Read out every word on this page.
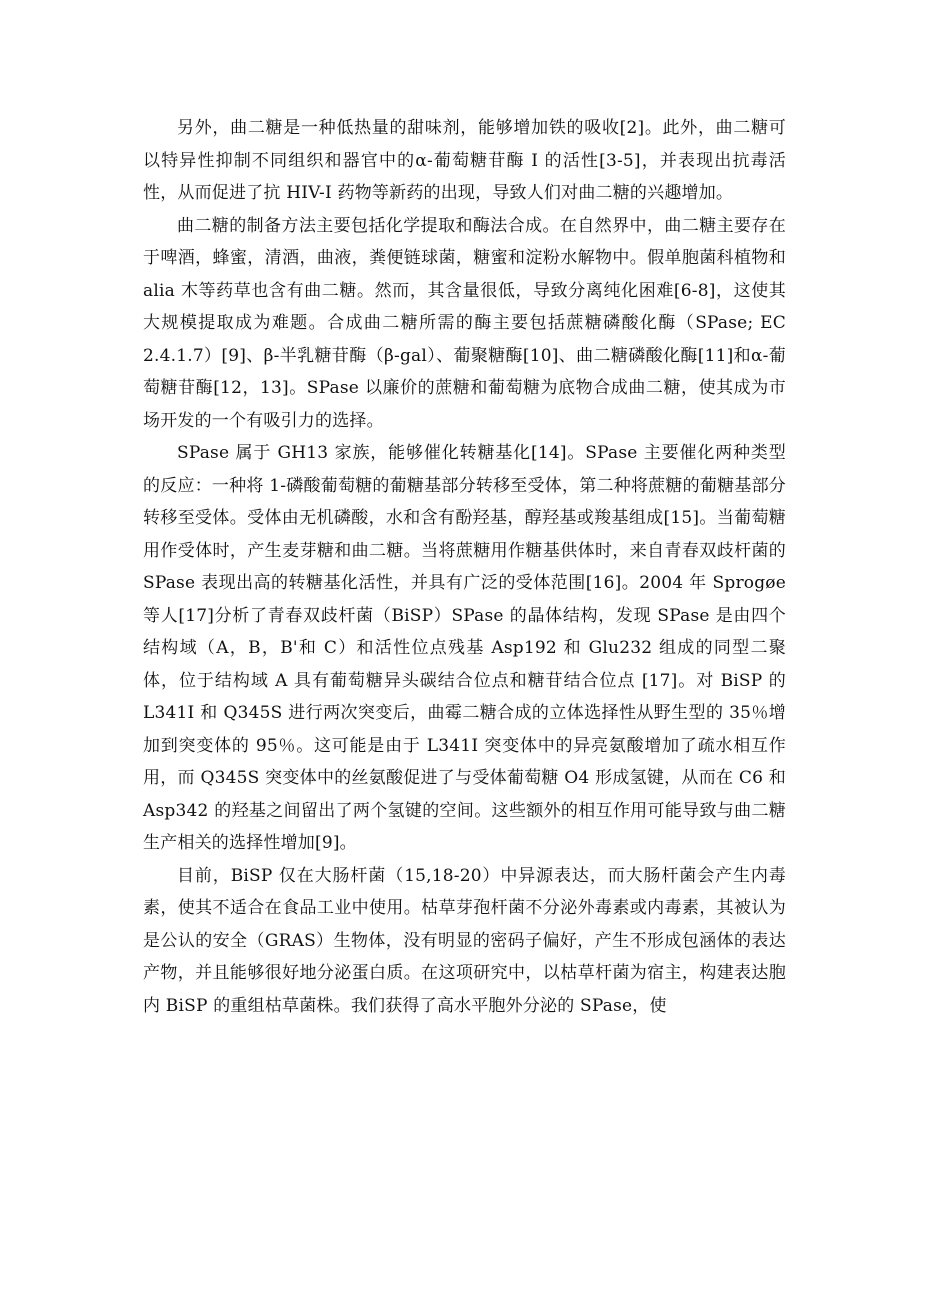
另外，曲二糖是一种低热量的甜味剂，能够增加铁的吸收[2]。此外，曲二糖可以特异性抑制不同组织和器官中的α-葡萄糖苷酶 I 的活性[3-5]，并表现出抗毒活性，从而促进了抗 HIV-I 药物等新药的出现，导致人们对曲二糖的兴趣增加。

曲二糖的制备方法主要包括化学提取和酶法合成。在自然界中，曲二糖主要存在于啤酒，蜂蜜，清酒，曲液，粪便链球菌，糖蜜和淀粉水解物中。假单胞菌科植物和alia 木等药草也含有曲二糖。然而，其含量很低，导致分离纯化困难[6-8]，这使其大规模提取成为难题。合成曲二糖所需的酶主要包括蔗糖磷酸化酶（SPase; EC 2.4.1.7）[9]、β-半乳糖苷酶（β-gal）、葡聚糖酶[10]、曲二糖磷酸化酶[11]和α-葡萄糖苷酶[12，13]。SPase 以廉价的蔗糖和葡萄糖为底物合成曲二糖，使其成为市场开发的一个有吸引力的选择。

SPase 属于 GH13 家族，能够催化转糖基化[14]。SPase 主要催化两种类型的反应：一种将 1-磷酸葡萄糖的葡糖基部分转移至受体，第二种将蔗糖的葡糖基部分转移至受体。受体由无机磷酸，水和含有酚羟基，醇羟基或羧基组成[15]。当葡萄糖用作受体时，产生麦芽糖和曲二糖。当将蔗糖用作糖基供体时，来自青春双歧杆菌的 SPase 表现出高的转糖基化活性，并具有广泛的受体范围[16]。2004 年 Sprogøe 等人[17]分析了青春双歧杆菌（BiSP）SPase 的晶体结构，发现 SPase 是由四个结构域（A，B，B'和 C）和活性位点残基 Asp192 和 Glu232 组成的同型二聚体，位于结构域 A 具有葡萄糖异头碳结合位点和糖苷结合位点 [17]。对 BiSP 的 L341I 和 Q345S 进行两次突变后，曲霉二糖合成的立体选择性从野生型的 35％增加到突变体的 95％。这可能是由于 L341I 突变体中的异亮氨酸增加了疏水相互作用，而 Q345S 突变体中的丝氨酸促进了与受体葡萄糖 O4 形成氢键，从而在 C6 和 Asp342 的羟基之间留出了两个氢键的空间。这些额外的相互作用可能导致与曲二糖生产相关的选择性增加[9]。

目前，BiSP 仅在大肠杆菌（15,18-20）中异源表达，而大肠杆菌会产生内毒素，使其不适合在食品工业中使用。枯草芽孢杆菌不分泌外毒素或内毒素，其被认为是公认的安全（GRAS）生物体，没有明显的密码子偏好，产生不形成包涵体的表达产物，并且能够很好地分泌蛋白质。在这项研究中，以枯草杆菌为宿主，构建表达胞内 BiSP 的重组枯草菌株。我们获得了高水平胞外分泌的 SPase，使
